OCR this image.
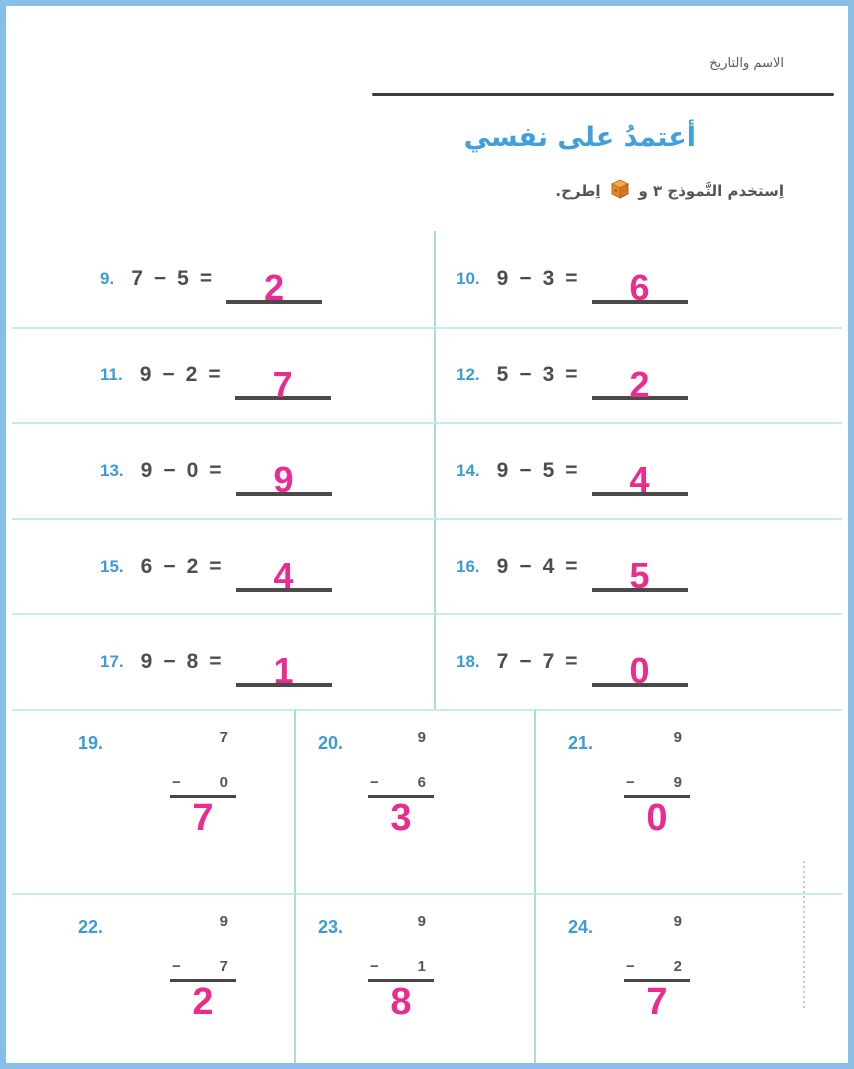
الاسم والتاريخ
أعتمدُ على نفسي
اِستخدم النَّموذج ٣ و
اِطرح.
9. 7 − 5 = 2	10. 9 − 3 = 6
11. 9 − 2 = 7	12. 5 − 3 = 2
13. 9 − 0 = 9	14. 9 − 5 = 4
15. 6 − 2 = 4	16. 9 − 4 = 5
17. 9 − 8 = 1	18. 7 − 7 = 0
19.	7
−	0
7
20.	9
−	6
3
21.	9
−	9
0
22.	9
−	7
2
23.	9
−	1
8
24.	9
−	2
7
